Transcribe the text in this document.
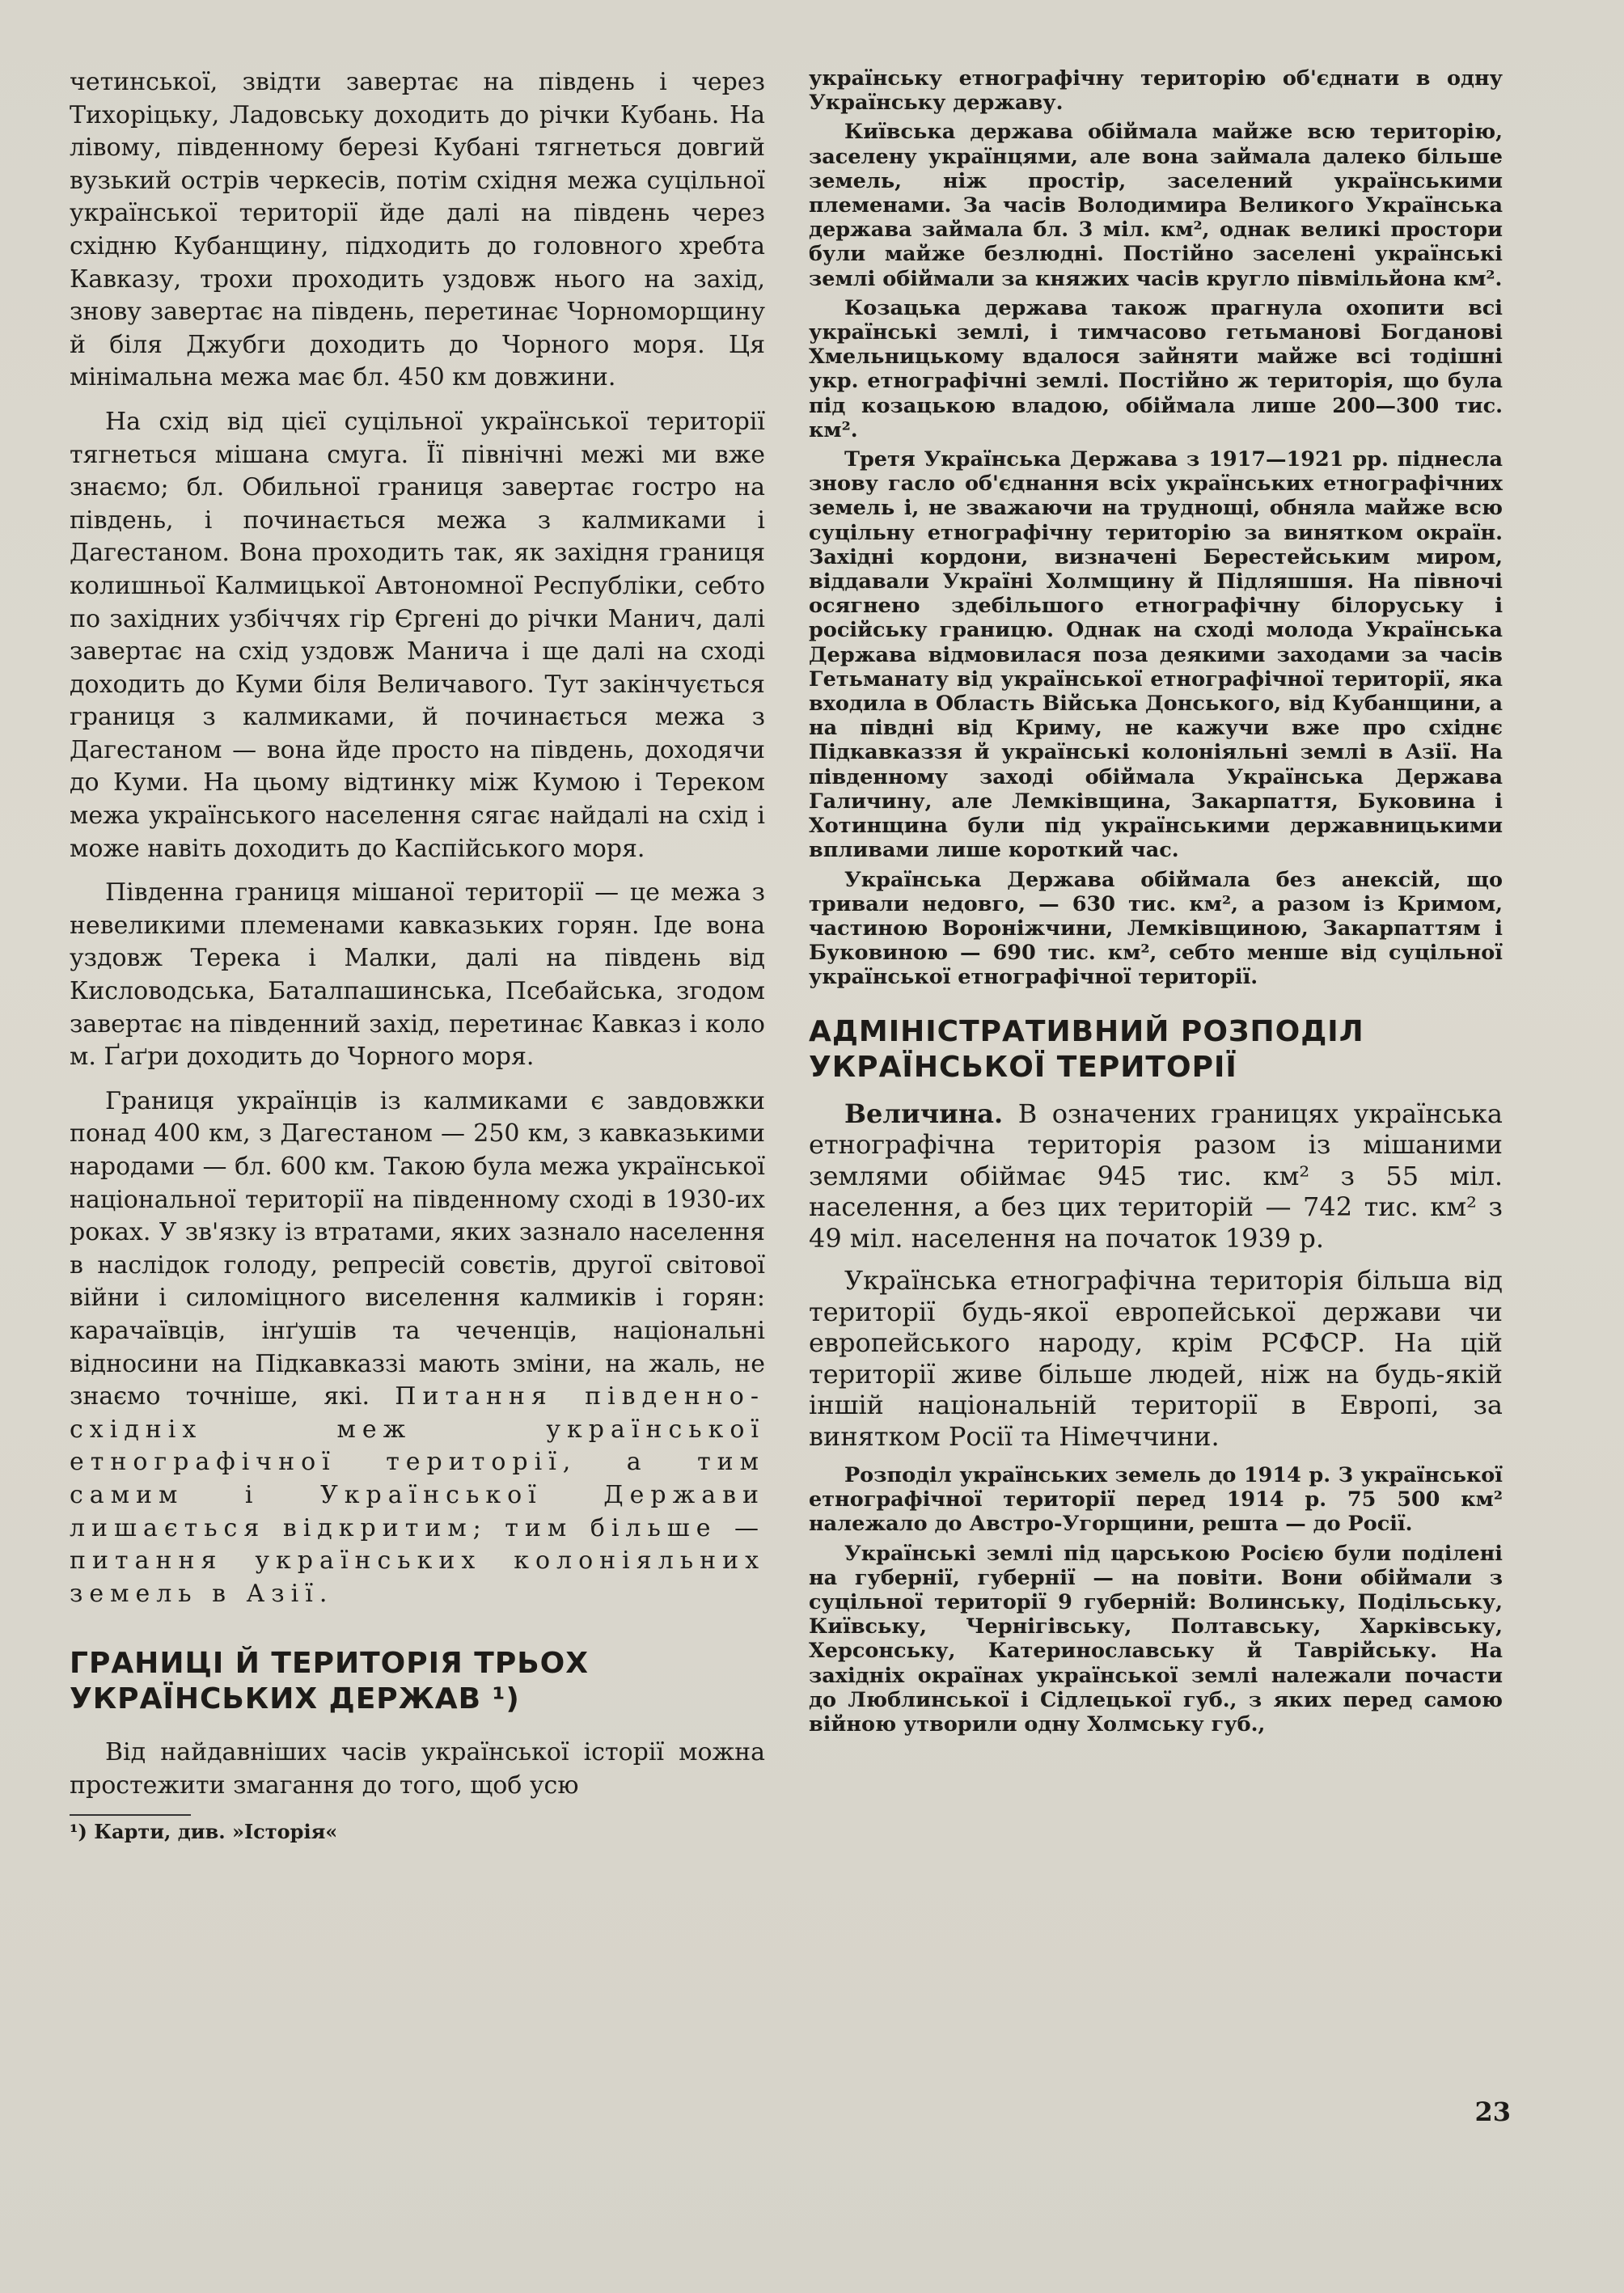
четинської, звідти завертає на південь і через Тихоріцьку, Ладовську доходить до річки Кубань. На лівому, південному березі Кубані тягнеться довгий вузький острів черкесів, потім східня межа суцільної української території йде далі на південь через східню Кубанщину, підходить до головного хребта Кавказу, трохи проходить уздовж нього на захід, знову завертає на південь, перетинає Чорноморщину й біля Джубги доходить до Чорного моря. Ця мінімальна межа має бл. 450 км довжини.

На схід від цієї суцільної української території тягнеться мішана смуга. Її північні межі ми вже знаємо; бл. Обильної границя завертає гостро на південь, і починається межа з калмиками і Дагестаном. Вона проходить так, як західня границя колишньої Калмицької Автономної Республіки, себто по західних узбіччях гір Єргені до річки Манич, далі завертає на схід уздовж Манича і ще далі на сході доходить до Куми біля Величавого. Тут закінчується границя з калмиками, й починається межа з Дагестаном — вона йде просто на південь, доходячи до Куми. На цьому відтинку між Кумою і Тереком межа українського населення сягає найдалі на схід і може навіть доходить до Каспійського моря.

Південна границя мішаної території — це межа з невеликими племенами кавказьких горян. Іде вона уздовж Терека і Малки, далі на південь від Кисловодська, Баталпашинська, Псебайська, згодом завертає на південний захід, перетинає Кавказ і коло м. Ґаґри доходить до Чорного моря.

Границя українців із калмиками є завдовжки понад 400 км, з Дагестаном — 250 км, з кавказькими народами — бл. 600 км. Такою була межа української національної території на південному сході в 1930-их роках. У зв'язку із втратами, яких зазнало населення в наслідок голоду, репресій совєтів, другої світової війни і силоміцного виселення калмиків і горян: карачаївців, інґушів та чеченців, національні відносини на Підкавказзі мають зміни, на жаль, не знаємо точніше, які. Питання південно-східніх меж української етнографічної території, а тим самим і Української Держави лишається відкритим; тим більше — питання українських колоніяльних земель в Азії.

ГРАНИЦІ Й ТЕРИТОРІЯ ТРЬОХ УКРАЇНСЬКИХ ДЕРЖАВ ¹)

Від найдавніших часів української історії можна простежити змагання до того, щоб усю

¹) Карти, див. »Історія«

українську етнографічну територію об'єднати в одну Українську державу.

Київська держава обіймала майже всю територію, заселену українцями, але вона займала далеко більше земель, ніж простір, заселений українськими племенами. За часів Володимира Великого Українська держава займала бл. 3 міл. км², однак великі простори були майже безлюдні. Постійно заселені українські землі обіймали за княжих часів кругло півмільйона км².

Козацька держава також прагнула охопити всі українські землі, і тимчасово гетьманові Богданові Хмельницькому вдалося зайняти майже всі тодішні укр. етнографічні землі. Постійно ж територія, що була під козацькою владою, обіймала лише 200—300 тис. км².

Третя Українська Держава з 1917—1921 рр. піднесла знову гасло об'єднання всіх українських етнографічних земель і, не зважаючи на труднощі, обняла майже всю суцільну етнографічну територію за винятком окраїн. Західні кордони, визначені Берестейським миром, віддавали Україні Холмщину й Підляшшя. На півночі осягнено здебільшого етнографічну білоруську і російську границю. Однак на сході молода Українська Держава відмовилася поза деякими заходами за часів Гетьманату від української етнографічної території, яка входила в Область Війська Донського, від Кубанщини, а на півдні від Криму, не кажучи вже про східнє Підкавказзя й українські колоніяльні землі в Азії. На південному заході обіймала Українська Держава Галичину, але Лемківщина, Закарпаття, Буковина і Хотинщина були під українськими державницькими впливами лише короткий час.

Українська Держава обіймала без анексій, що тривали недовго, — 630 тис. км², а разом із Кримом, частиною Вороніжчини, Лемківщиною, Закарпаттям і Буковиною — 690 тис. км², себто менше від суцільної української етнографічної території.

АДМІНІСТРАТИВНИЙ РОЗПОДІЛ УКРАЇНСЬКОЇ ТЕРИТОРІЇ

Величина. В означених границях українська етнографічна територія разом із мішаними землями обіймає 945 тис. км² з 55 міл. населення, а без цих територій — 742 тис. км² з 49 міл. населення на початок 1939 р.

Українська етнографічна територія більша від території будь-якої европейської держави чи европейського народу, крім РСФСР. На цій території живе більше людей, ніж на будь-якій іншій національній території в Европі, за винятком Росії та Німеччини.

Розподіл українських земель до 1914 р. З української етнографічної території перед 1914 р. 75 500 км² належало до Австро-Угорщини, решта — до Росії.

Українські землі під царською Росією були поділені на губернії, губернії — на повіти. Вони обіймали з суцільної території 9 губерній: Волинську, Подільську, Київську, Чернігівську, Полтавську, Харківську, Херсонську, Катеринославську й Таврійську. На західніх окраїнах української землі належали почасти до Люблинської і Сідлецької губ., з яких перед самою війною утворили одну Холмську губ.,

23
